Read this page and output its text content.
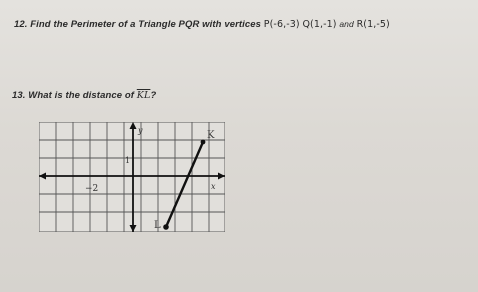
12. Find the Perimeter of a Triangle PQR with vertices P(-6,-3) Q(1,-1) and R(1,-5)
13. What is the distance of $\overline{KL}$?
y
x
1
−2
K
L
